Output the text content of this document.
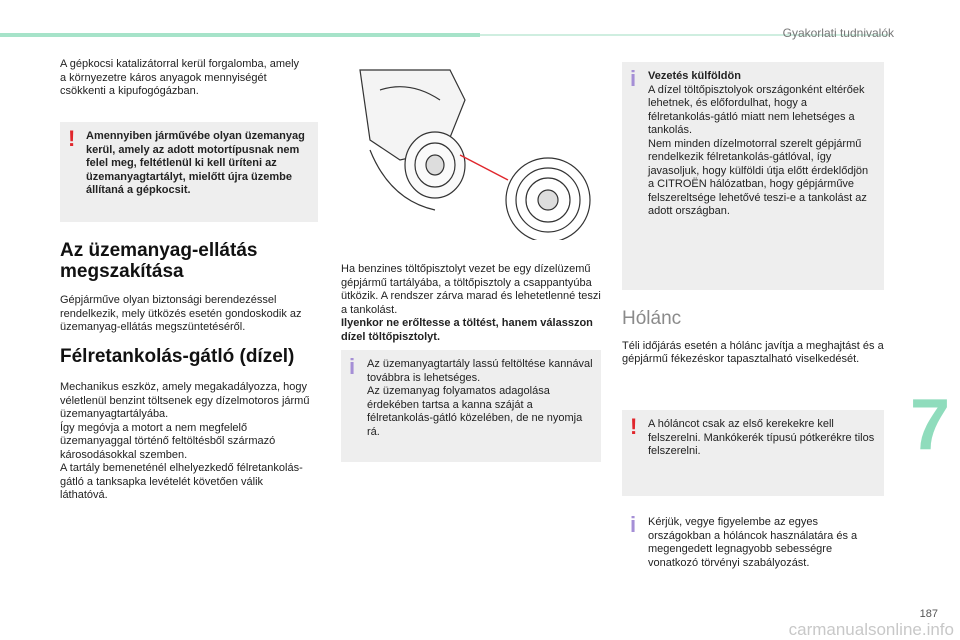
Gyakorlati tudnivalók

A gépkocsi katalizátorral kerül forgalomba, amely a környezetre káros anyagok mennyiségét csökkenti a kipufogógázban.

! Amennyiben járművébe olyan üzemanyag kerül, amely az adott motortípusnak nem felel meg, feltétlenül ki kell üríteni az üzemanyagtartályt, mielőtt újra üzembe állítaná a gépkocsit.
Az üzemanyag-ellátás megszakítása

Gépjárműve olyan biztonsági berendezéssel rendelkezik, mely ütközés esetén gondoskodik az üzemanyag-ellátás megszüntetéséről.

Félretankolás-gátló (dízel)

Mechanikus eszköz, amely megakadályozza, hogy véletlenül benzint töltsenek egy dízelmotoros jármű üzemanyagtartályába.

Így megóvja a motort a nem megfelelő üzemanyaggal történő feltöltésből származó károsodásokkal szemben.

A tartály bemeneténél elhelyezkedő félretankolás-gátló a tanksapka levételét követően válik láthatóvá.

Ha benzines töltőpisztolyt vezet be egy dízelüzemű gépjármű tartályába, a töltőpisztoly a csappantyúba ütközik. A rendszer zárva marad és lehetetlenné teszi a tankolást.

Ilyenkor ne erőltesse a töltést, hanem válasszon dízel töltőpisztolyt.

i Az üzemanyagtartály lassú feltöltése kannával továbbra is lehetséges.

Az üzemanyag folyamatos adagolása érdekében tartsa a kanna száját a félretankolás-gátló közelében, de ne nyomja rá.

i Vezetés külföldön

A dízel töltőpisztolyok országonként eltérőek lehetnek, és előfordulhat, hogy a félretankolás-gátló miatt nem lehetséges a tankolás.

Nem minden dízelmotorral szerelt gépjármű rendelkezik félretankolás-gátlóval, így javasoljuk, hogy külföldi útja előtt érdeklődjön a CITROËN hálózatban, hogy gépjárműve felszereltsége lehetővé teszi-e a tankolást az adott országban.

Hólánc

Téli időjárás esetén a hólánc javítja a meghajtást és a gépjármű fékezéskor tapasztalható viselkedését.

! A hóláncot csak az első kerekekre kell felszerelni. Mankókerék típusú pótkerékre tilos felszerelni.
i Kérjük, vegye figyelembe az egyes országokban a hóláncok használatára és a megengedett legnagyobb sebességre vonatkozó törvényi szabályozást.
7
187
carmanualsonline.info
